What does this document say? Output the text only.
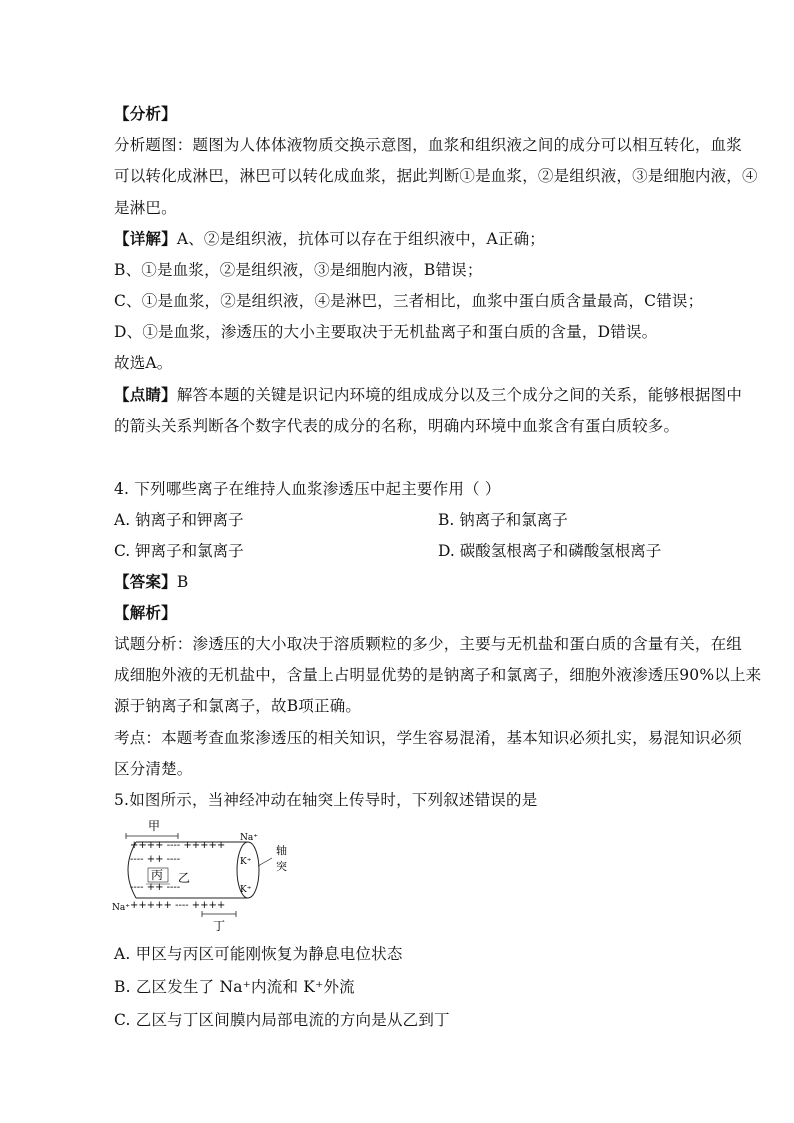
【分析】
分析题图：题图为人体体液物质交换示意图，血浆和组织液之间的成分可以相互转化，血浆
可以转化成淋巴，淋巴可以转化成血浆，据此判断①是血浆，②是组织液，③是细胞内液，④
是淋巴。
【详解】A、②是组织液，抗体可以存在于组织液中，A正确；
B、①是血浆，②是组织液，③是细胞内液，B错误；
C、①是血浆，②是组织液，④是淋巴，三者相比，血浆中蛋白质含量最高，C错误；
D、①是血浆，渗透压的大小主要取决于无机盐离子和蛋白质的含量，D错误。
故选A。
【点睛】解答本题的关键是识记内环境的组成成分以及三个成分之间的关系，能够根据图中
的箭头关系判断各个数字代表的成分的名称，明确内环境中血浆含有蛋白质较多。
4. 下列哪些离子在维持人血浆渗透压中起主要作用（ ）
A. 钠离子和钾离子	B. 钠离子和氯离子
C. 钾离子和氯离子	D. 碳酸氢根离子和磷酸氢根离子
【答案】B
【解析】
试题分析：渗透压的大小取决于溶质颗粒的多少，主要与无机盐和蛋白质的含量有关，在组
成细胞外液的无机盐中，含量上占明显优势的是钠离子和氯离子，细胞外液渗透压90%以上来
源于钠离子和氯离子，故B项正确。
考点：本题考查血浆渗透压的相关知识，学生容易混淆，基本知识必须扎实，易混知识必须
区分清楚。
5.如图所示，当神经冲动在轴突上传导时，下列叙述错误的是
甲
++++ ---- +++++
Na⁺
---- ++ ----	K⁺
丙 乙
---- ++ ----	K⁺
Na⁺ +++++ ---- ++++
丁
轴
突
A. 甲区与丙区可能刚恢复为静息电位状态
B. 乙区发生了 Na⁺内流和 K⁺外流
C. 乙区与丁区间膜内局部电流的方向是从乙到丁
